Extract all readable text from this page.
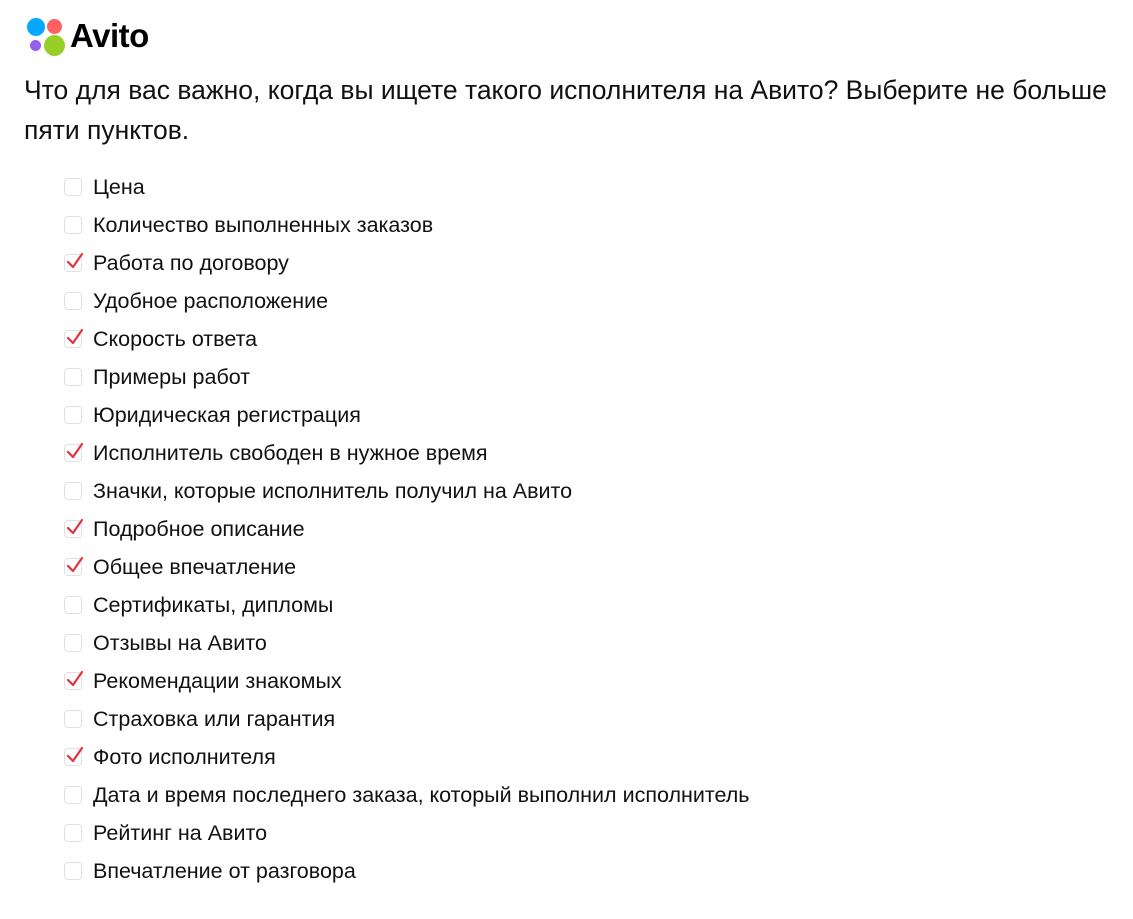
Avito
Что для вас важно, когда вы ищете такого исполнителя на Авито? Выберите не больше пяти пунктов.
Цена
Количество выполненных заказов
Работа по договору
Удобное расположение
Скорость ответа
Примеры работ
Юридическая регистрация
Исполнитель свободен в нужное время
Значки, которые исполнитель получил на Авито
Подробное описание
Общее впечатление
Сертификаты, дипломы
Отзывы на Авито
Рекомендации знакомых
Страховка или гарантия
Фото исполнителя
Дата и время последнего заказа, который выполнил исполнитель
Рейтинг на Авито
Впечатление от разговора
